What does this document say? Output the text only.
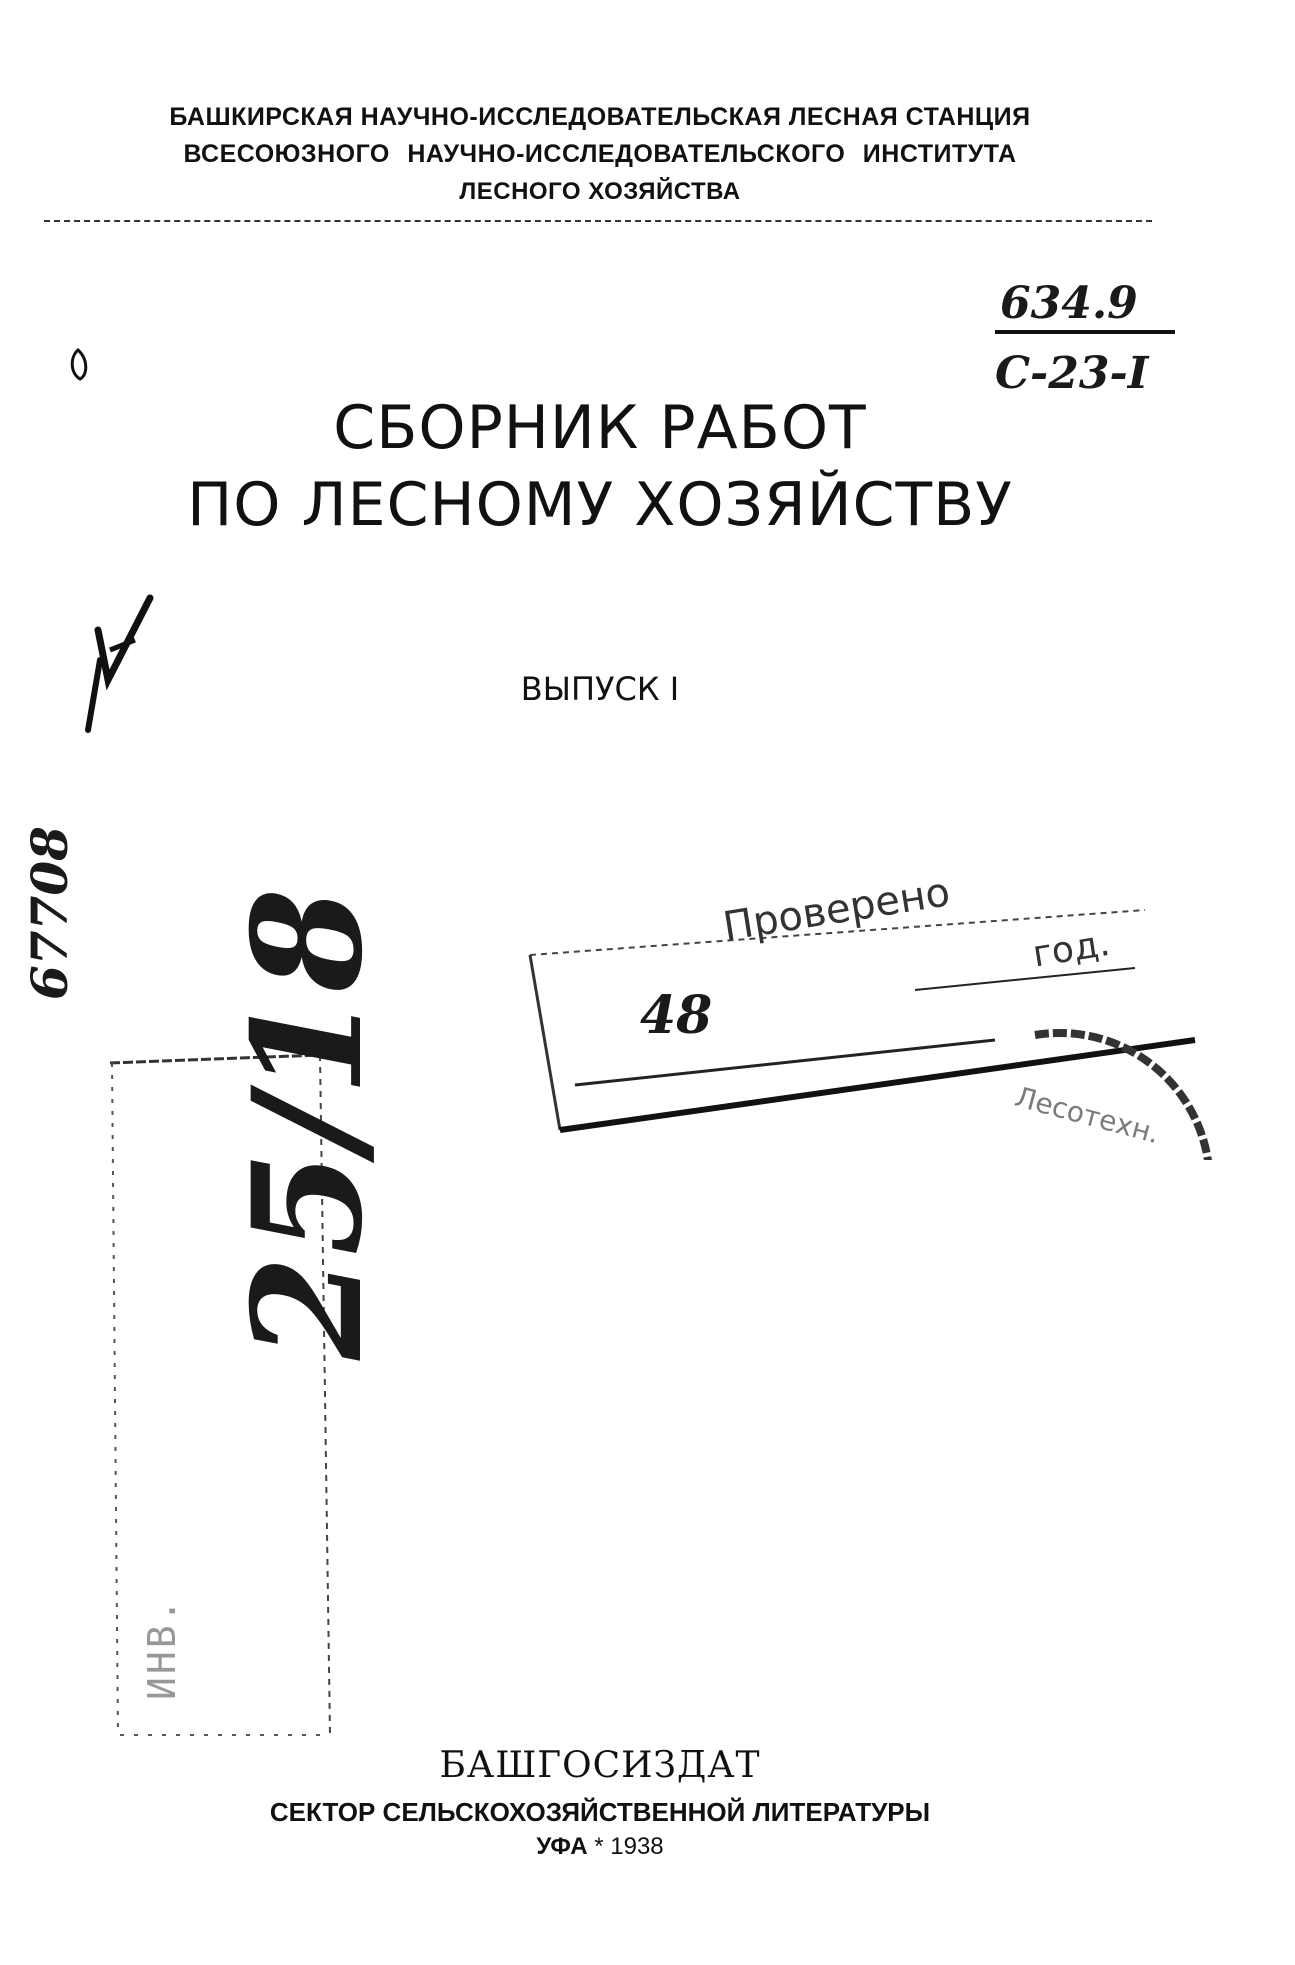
БАШКИРСКАЯ НАУЧНО-ИССЛЕДОВАТЕЛЬСКАЯ ЛЕСНАЯ СТАНЦИЯ
ВСЕСОЮЗНОГО НАУЧНО-ИССЛЕДОВАТЕЛЬСКОГО ИНСТИТУТА
ЛЕСНОГО ХОЗЯЙСТВА
634.9
С-23-I
СБОРНИК РАБОТ
ПО ЛЕСНОМУ ХОЗЯЙСТВУ
ВЫПУСК I
67708	Проверено год.
48
Лесотехн.
ИНВ.
25/18
БАШГОСИЗДАТ
СЕКТОР СЕЛЬСКОХОЗЯЙСТВЕННОЙ ЛИТЕРАТУРЫ
УФА * 1938
